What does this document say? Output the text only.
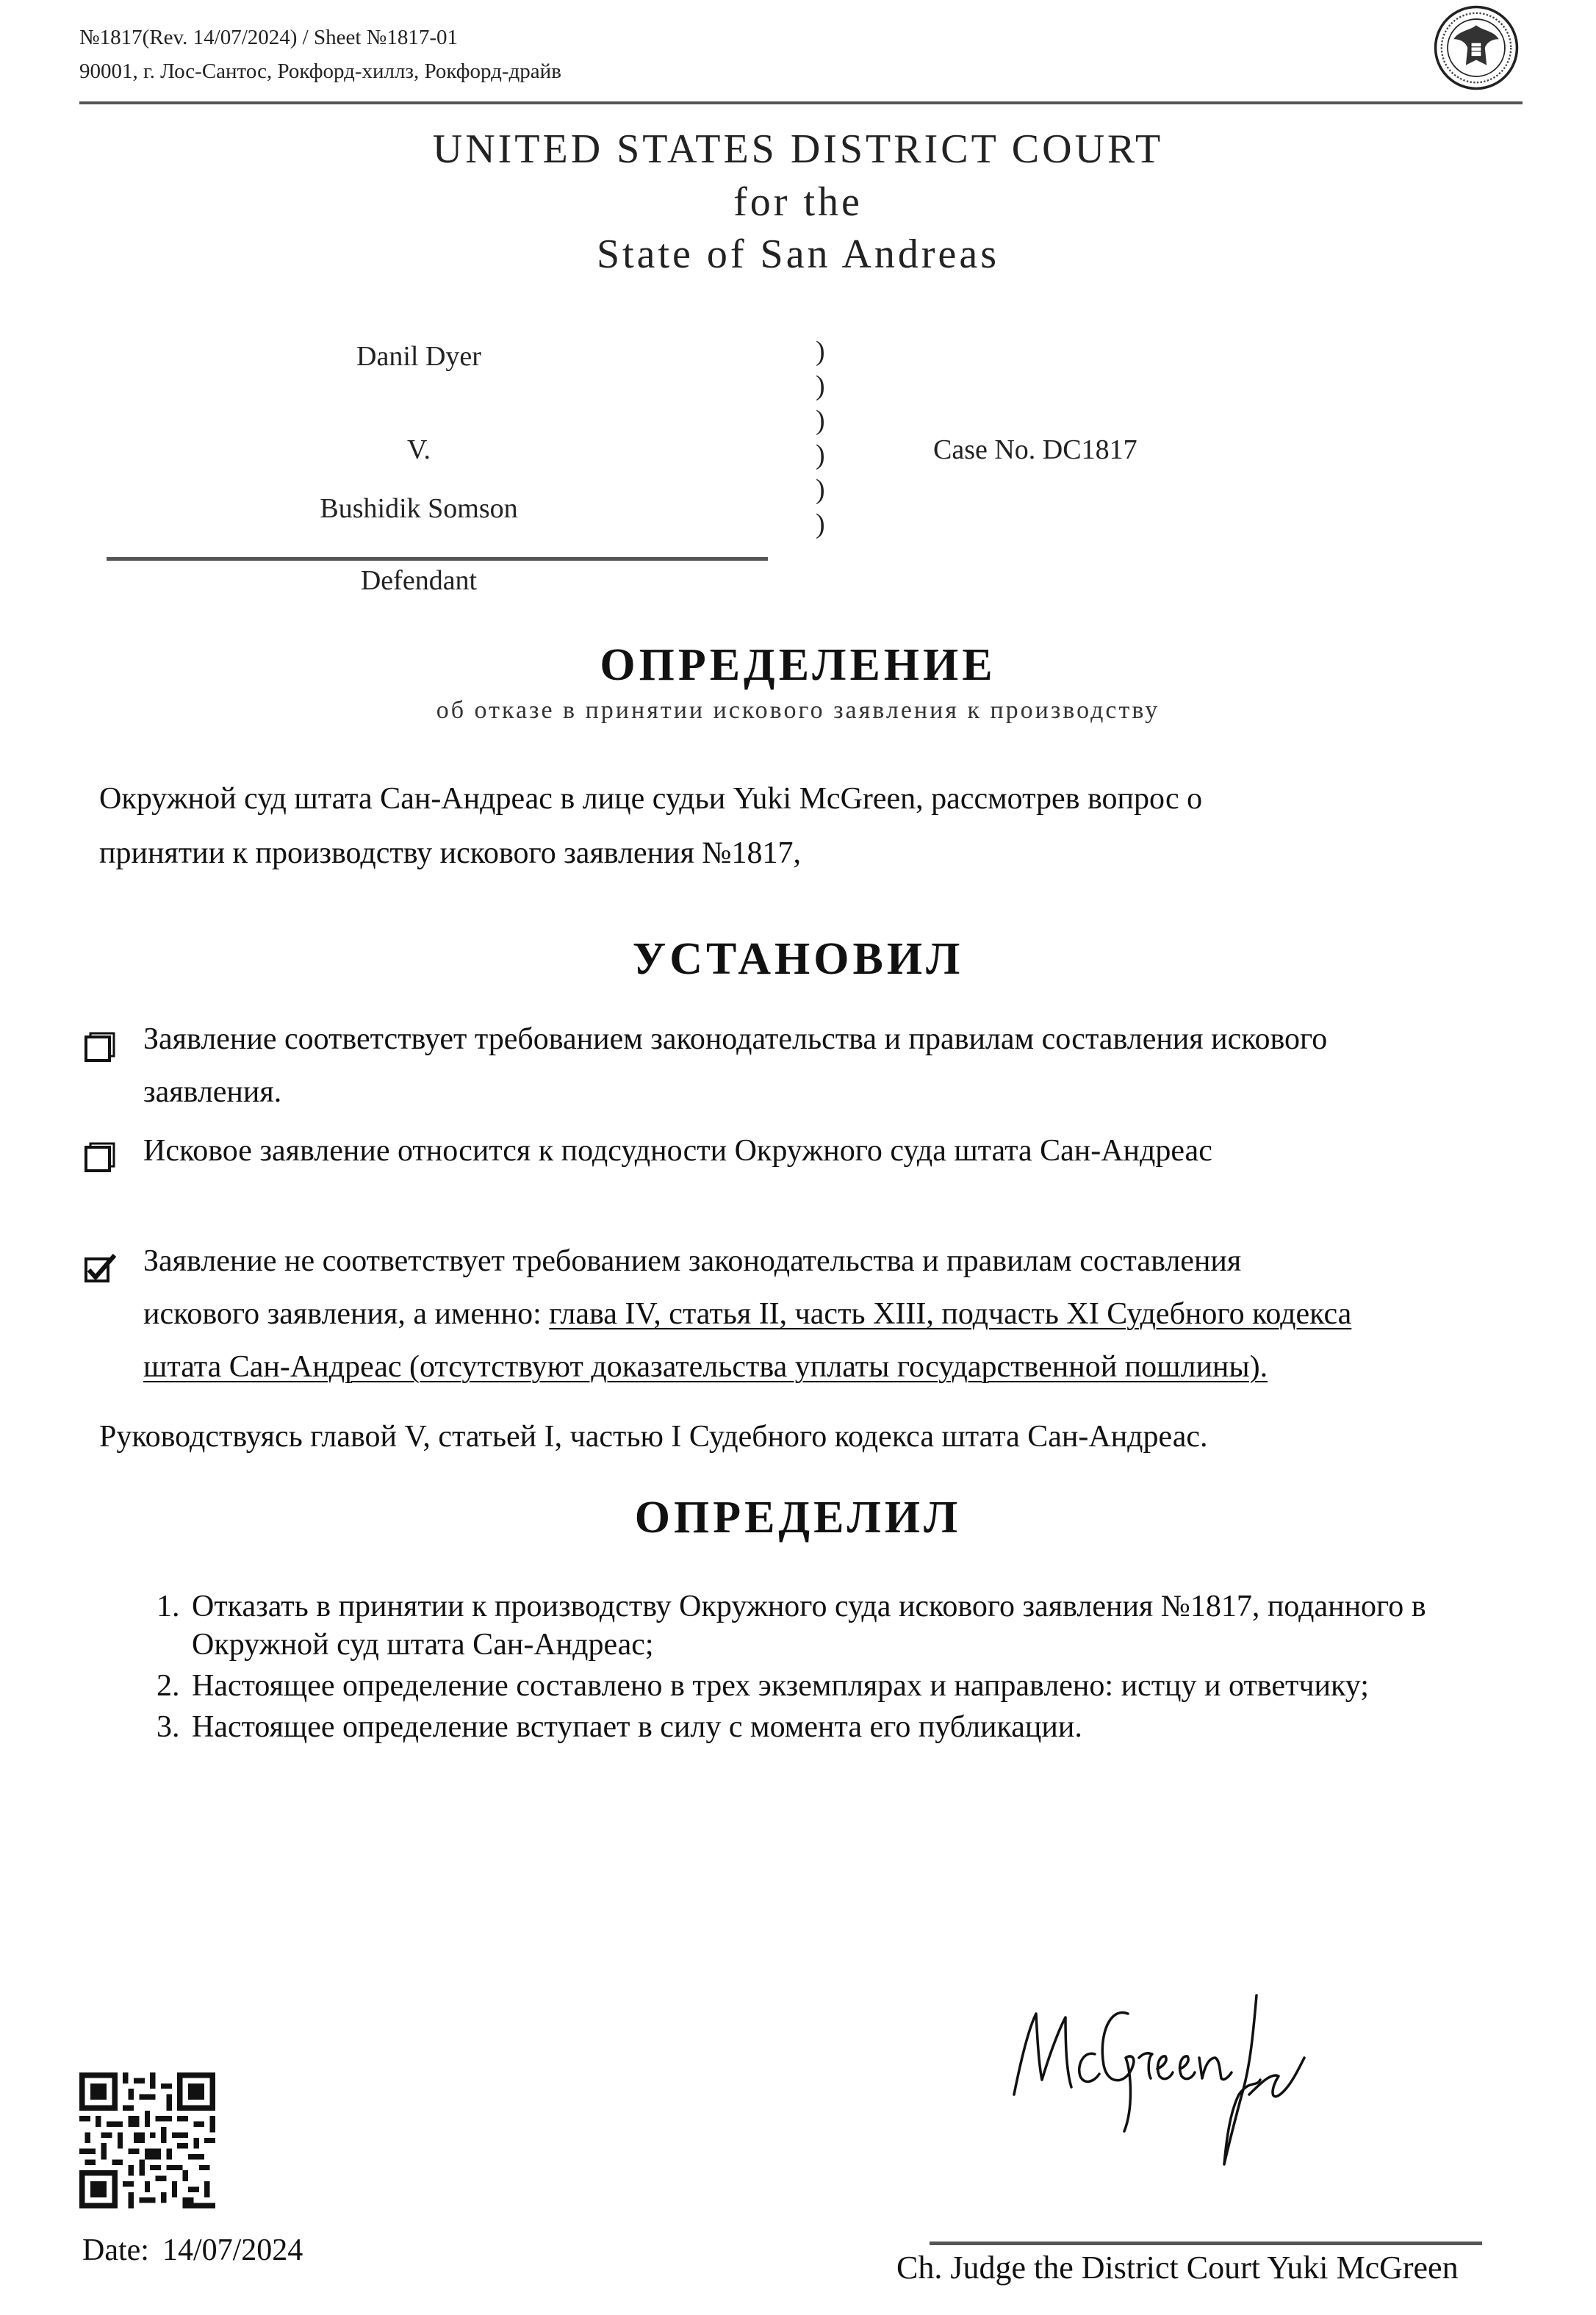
№1817(Rev. 14/07/2024) / Sheet №1817-01
90001, г. Лос-Сантос, Рокфорд-хиллз, Рокфорд-драйв
UNITED STATES DISTRICT COURT
for the
State of San Andreas
Danil Dyer
V.
Bushidik Somson
Defendant
)
)
)
)
)
)
Case No. DC1817
ОПРЕДЕЛЕНИЕ
об отказе в принятии искового заявления к производству
Окружной суд штата Сан-Андреас в лице судьи Yuki McGreen, рассмотрев вопрос о
принятии к производству искового заявления №1817,
УСТАНОВИЛ
Заявление соответствует требованием законодательства и правилам составления искового
заявления.
Исковое заявление относится к подсудности Окружного суда штата Сан-Андреас
Заявление не соответствует требованием законодательства и правилам составления
искового заявления, а именно: глава IV, статья II, часть XIII, подчасть XI Судебного кодекса
штата Сан-Андреас (отсутствуют доказательства уплаты государственной пошлины).
Руководствуясь главой V, статьей I, частью I Судебного кодекса штата Сан-Андреас.
ОПРЕДЕЛИЛ
1. Отказать в принятии к производству Окружного суда искового заявления №1817, поданного в Окружной суд штата Сан-Андреас;
2. Настоящее определение составлено в трех экземплярах и направлено: истцу и ответчику;
3. Настоящее определение вступает в силу с момента его публикации.
Date: 14/07/2024	Ch. Judge the District Court Yuki McGreen
